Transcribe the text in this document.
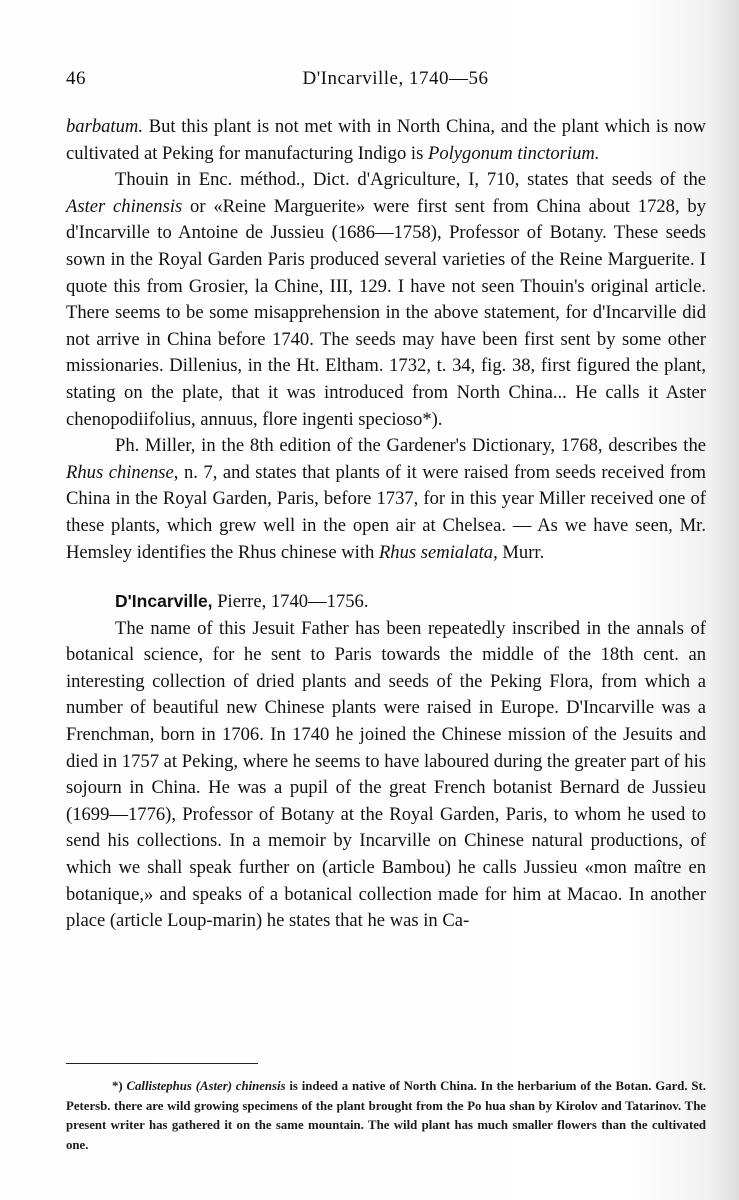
46	D'Incarville, 1740—56

barbatum. But this plant is not met with in North China, and the plant which is now cultivated at Peking for manufacturing Indigo is Polygonum tinctorium.

Thouin in Enc. méthod., Dict. d'Agriculture, I, 710, states that seeds of the Aster chinensis or «Reine Marguerite» were first sent from China about 1728, by d'Incarville to Antoine de Jussieu (1686—1758), Professor of Botany. These seeds sown in the Royal Garden Paris produced several varieties of the Reine Marguerite. I quote this from Grosier, la Chine, III, 129. I have not seen Thouin's original article. There seems to be some misapprehension in the above statement, for d'Incarville did not arrive in China before 1740. The seeds may have been first sent by some other missionaries. Dillenius, in the Ht. Eltham. 1732, t. 34, fig. 38, first figured the plant, stating on the plate, that it was introduced from North China... He calls it Aster chenopodiifolius, annuus, flore ingenti specioso*).

Ph. Miller, in the 8th edition of the Gardener's Dictionary, 1768, describes the Rhus chinense, n. 7, and states that plants of it were raised from seeds received from China in the Royal Garden, Paris, before 1737, for in this year Miller received one of these plants, which grew well in the open air at Chelsea. — As we have seen, Mr. Hemsley identifies the Rhus chinese with Rhus semialata, Murr.

D'Incarville, Pierre, 1740—1756.

The name of this Jesuit Father has been repeatedly inscribed in the annals of botanical science, for he sent to Paris towards the middle of the 18th cent. an interesting collection of dried plants and seeds of the Peking Flora, from which a number of beautiful new Chinese plants were raised in Europe. D'Incarville was a Frenchman, born in 1706. In 1740 he joined the Chinese mission of the Jesuits and died in 1757 at Peking, where he seems to have laboured during the greater part of his sojourn in China. He was a pupil of the great French botanist Bernard de Jussieu (1699—1776), Professor of Botany at the Royal Garden, Paris, to whom he used to send his collections. In a memoir by Incarville on Chinese natural productions, of which we shall speak further on (article Bambou) he calls Jussieu «mon maître en botanique,» and speaks of a botanical collection made for him at Macao. In another place (article Loup-marin) he states that he was in Ca-

*) Callistephus (Aster) chinensis is indeed a native of North China. In the herbarium of the Botan. Gard. St. Petersb. there are wild growing specimens of the plant brought from the Po hua shan by Kirolov and Tatarinov. The present writer has gathered it on the same mountain. The wild plant has much smaller flowers than the cultivated one.
